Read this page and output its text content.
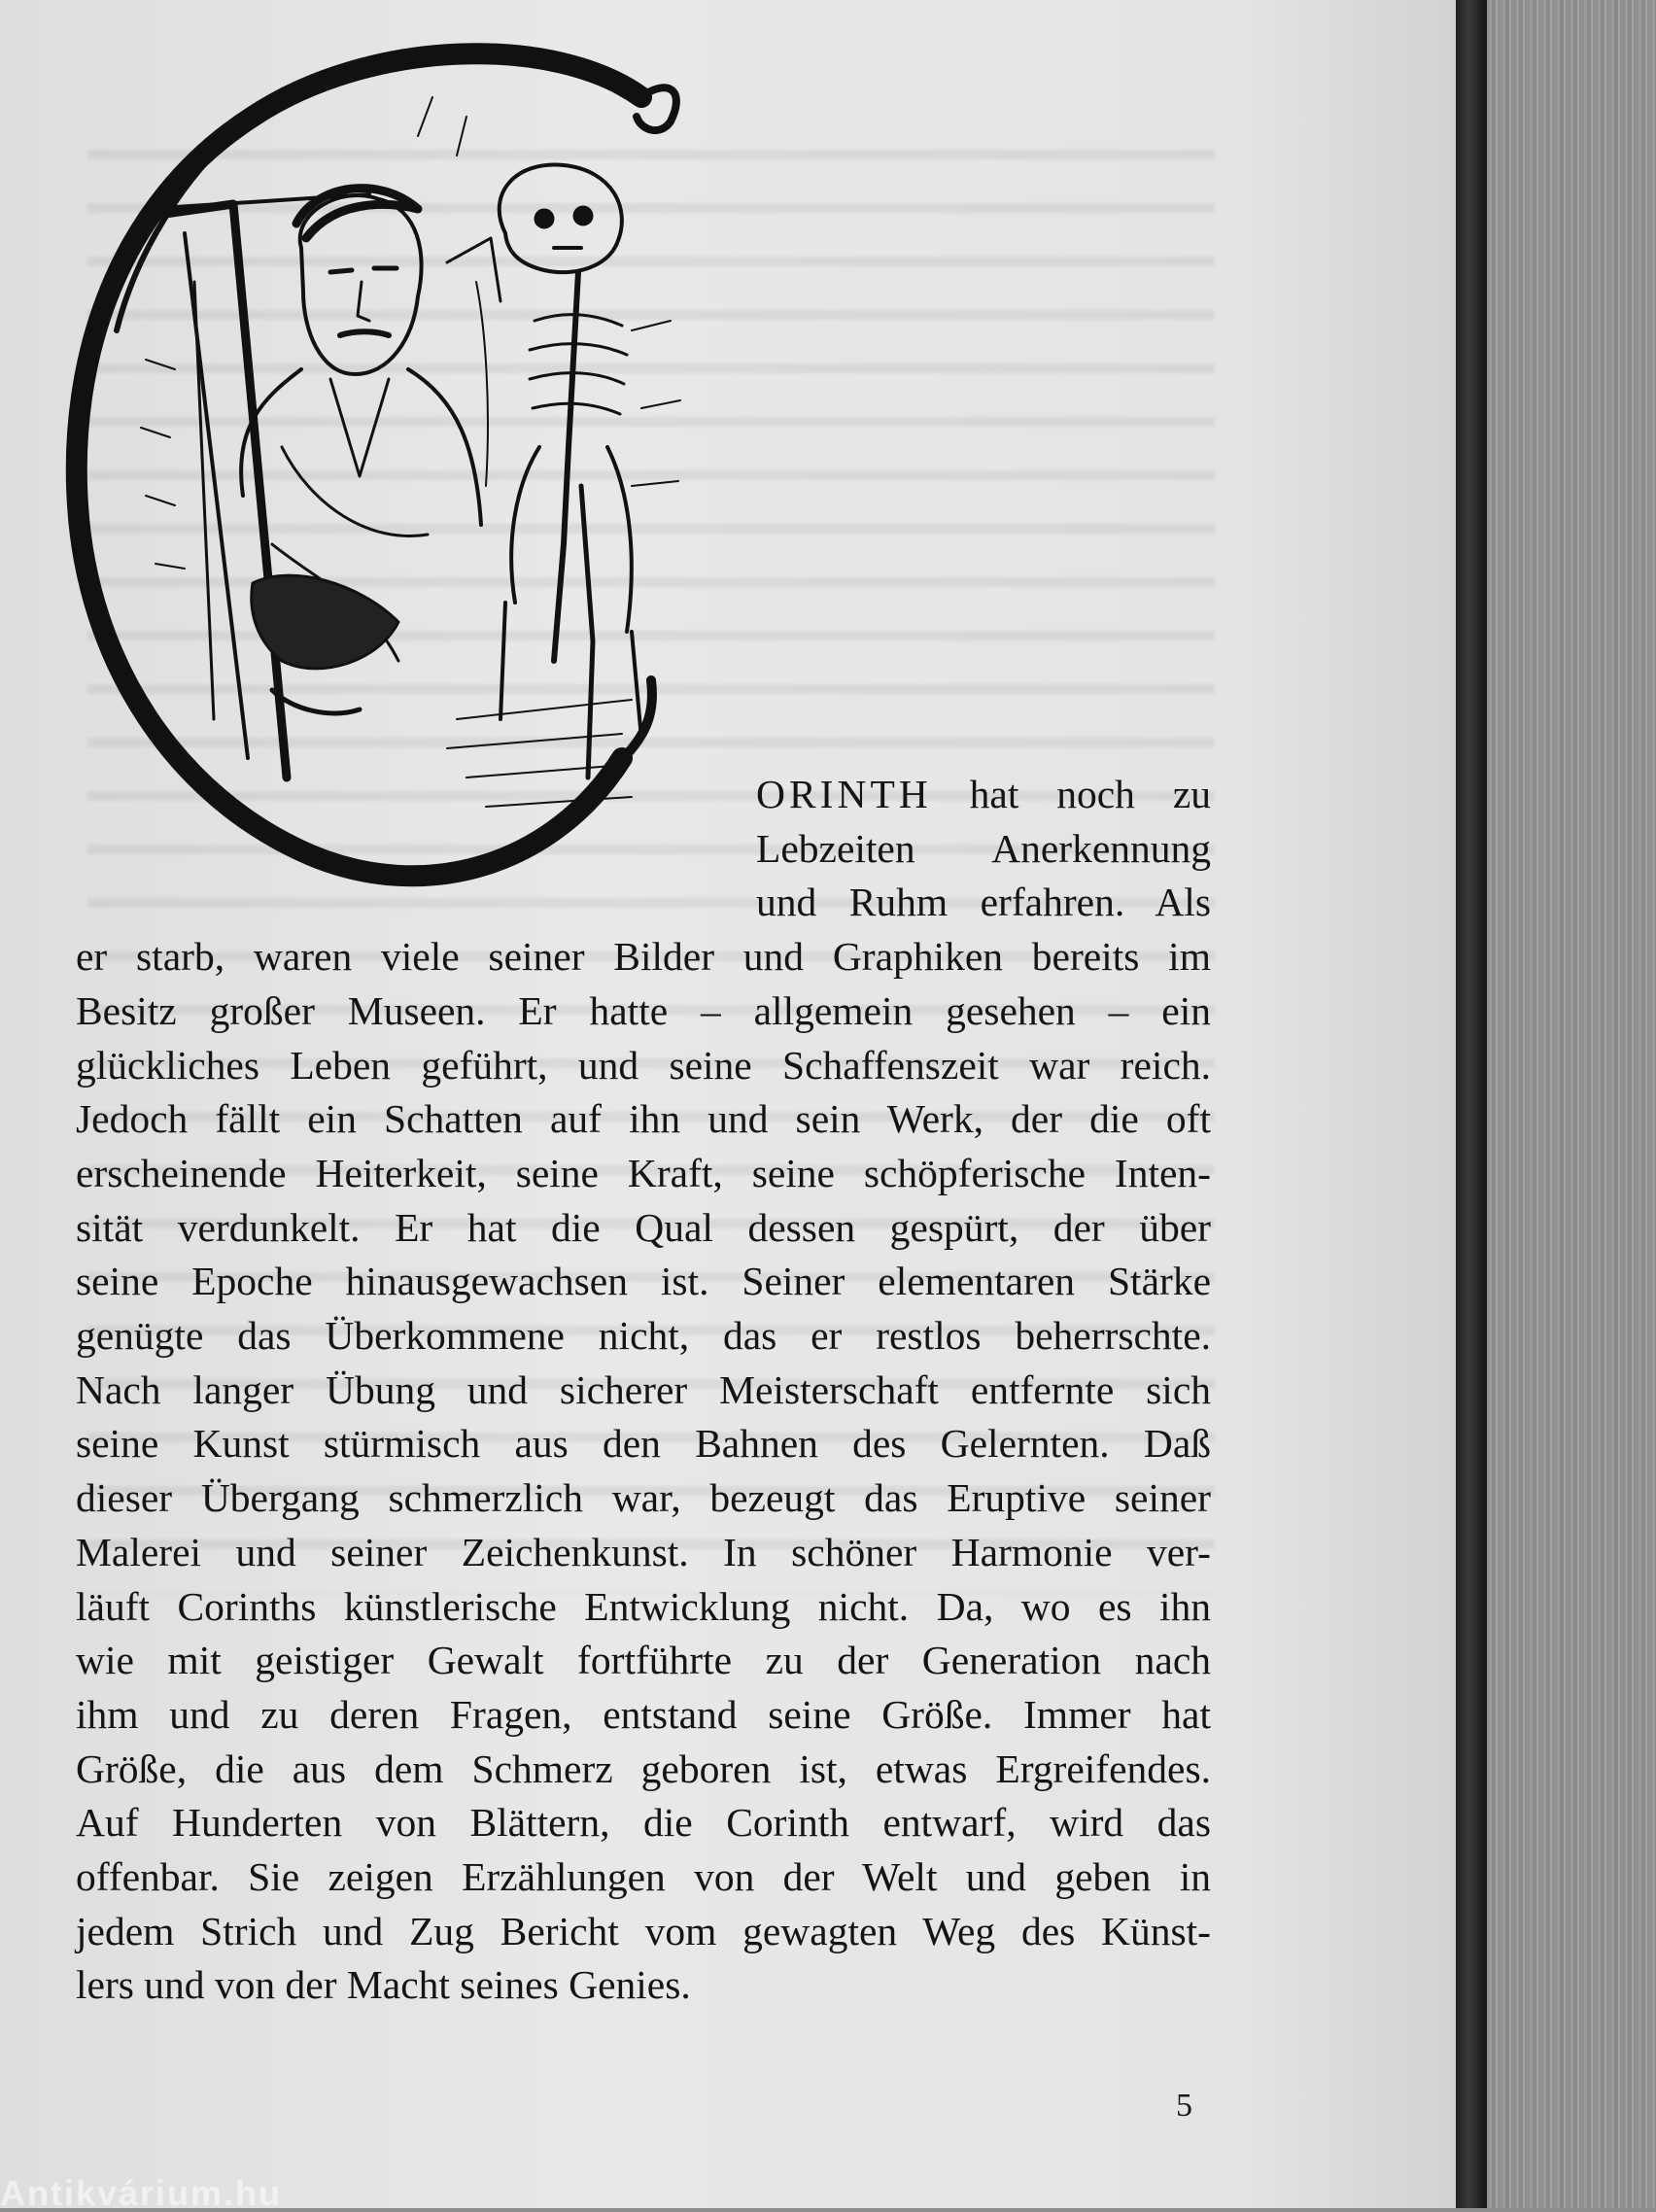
ORINTH hat noch zu
Lebzeiten Anerkennung
und Ruhm erfahren. Als
er starb, waren viele seiner Bilder und Graphiken bereits im
Besitz großer Museen. Er hatte – allgemein gesehen – ein
glückliches Leben geführt, und seine Schaffenszeit war reich.
Jedoch fällt ein Schatten auf ihn und sein Werk, der die oft
erscheinende Heiterkeit, seine Kraft, seine schöpferische Inten-
sität verdunkelt. Er hat die Qual dessen gespürt, der über
seine Epoche hinausgewachsen ist. Seiner elementaren Stärke
genügte das Überkommene nicht, das er restlos beherrschte.
Nach langer Übung und sicherer Meisterschaft entfernte sich
seine Kunst stürmisch aus den Bahnen des Gelernten. Daß
dieser Übergang schmerzlich war, bezeugt das Eruptive seiner
Malerei und seiner Zeichenkunst. In schöner Harmonie ver-
läuft Corinths künstlerische Entwicklung nicht. Da, wo es ihn
wie mit geistiger Gewalt fortführte zu der Generation nach
ihm und zu deren Fragen, entstand seine Größe. Immer hat
Größe, die aus dem Schmerz geboren ist, etwas Ergreifendes.
Auf Hunderten von Blättern, die Corinth entwarf, wird das
offenbar. Sie zeigen Erzählungen von der Welt und geben in
jedem Strich und Zug Bericht vom gewagten Weg des Künst-
lers und von der Macht seines Genies.
5
Antikvárium.hu
